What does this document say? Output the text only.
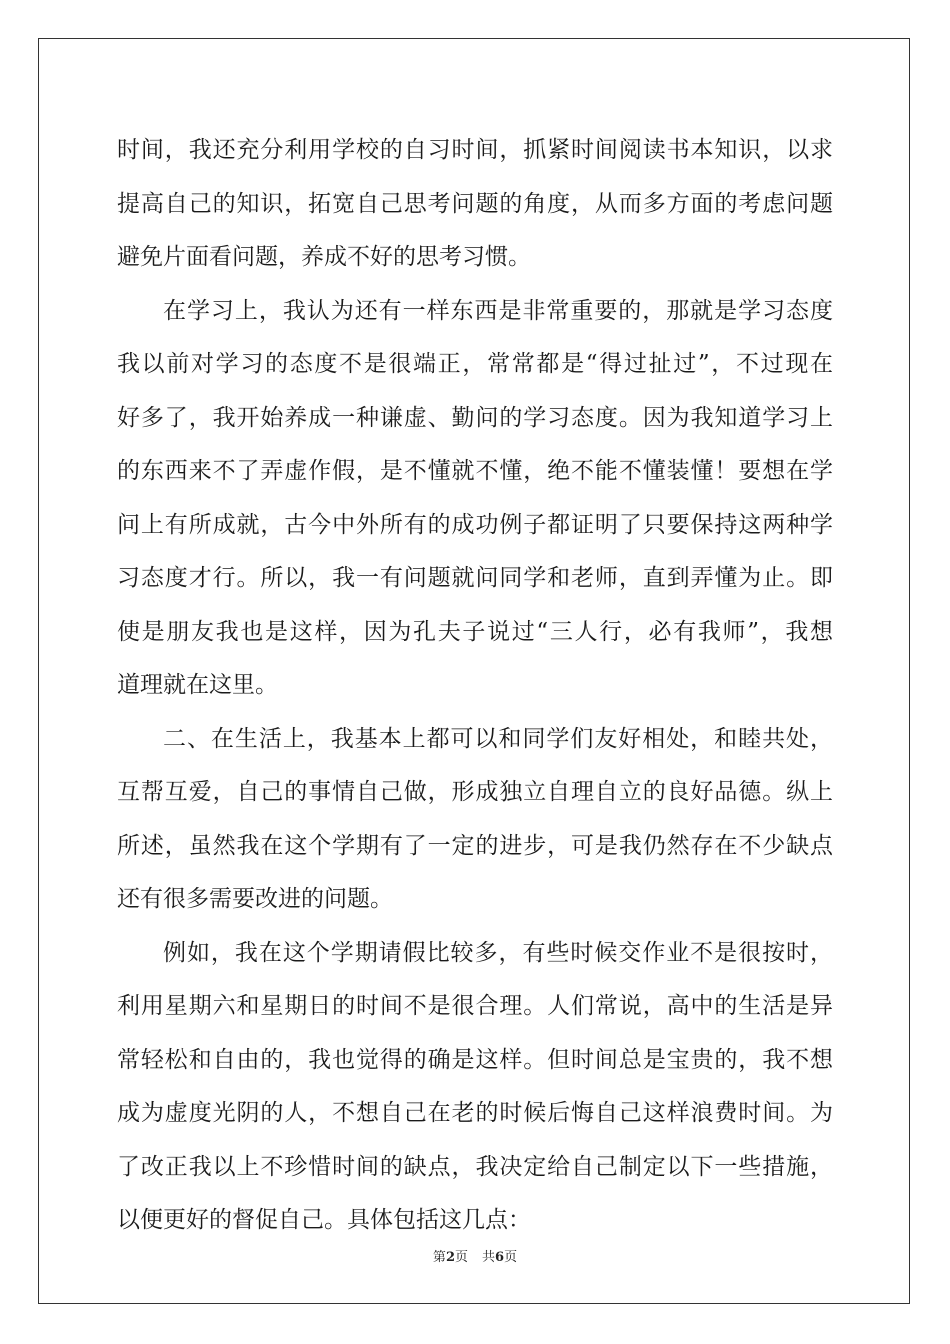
时间，我还充分利用学校的自习时间，抓紧时间阅读书本知识，以求
提高自己的知识，拓宽自己思考问题的角度，从而多方面的考虑问题
避免片面看问题，养成不好的思考习惯。
在学习上，我认为还有一样东西是非常重要的，那就是学习态度
我以前对学习的态度不是很端正，常常都是“得过扯过”，不过现在
好多了，我开始养成一种谦虚、勤问的学习态度。因为我知道学习上
的东西来不了弄虚作假，是不懂就不懂，绝不能不懂装懂！要想在学
问上有所成就，古今中外所有的成功例子都证明了只要保持这两种学
习态度才行。所以，我一有问题就问同学和老师，直到弄懂为止。即
使是朋友我也是这样，因为孔夫子说过“三人行，必有我师”，我想
道理就在这里。
二、在生活上，我基本上都可以和同学们友好相处，和睦共处，
互帮互爱，自己的事情自己做，形成独立自理自立的良好品德。纵上
所述，虽然我在这个学期有了一定的进步，可是我仍然存在不少缺点
还有很多需要改进的问题。
例如，我在这个学期请假比较多，有些时候交作业不是很按时，
利用星期六和星期日的时间不是很合理。人们常说，高中的生活是异
常轻松和自由的，我也觉得的确是这样。但时间总是宝贵的，我不想
成为虚度光阴的人，不想自己在老的时候后悔自己这样浪费时间。为
了改正我以上不珍惜时间的缺点，我决定给自己制定以下一些措施，
以便更好的督促自己。具体包括这几点：
第2页 共6页
